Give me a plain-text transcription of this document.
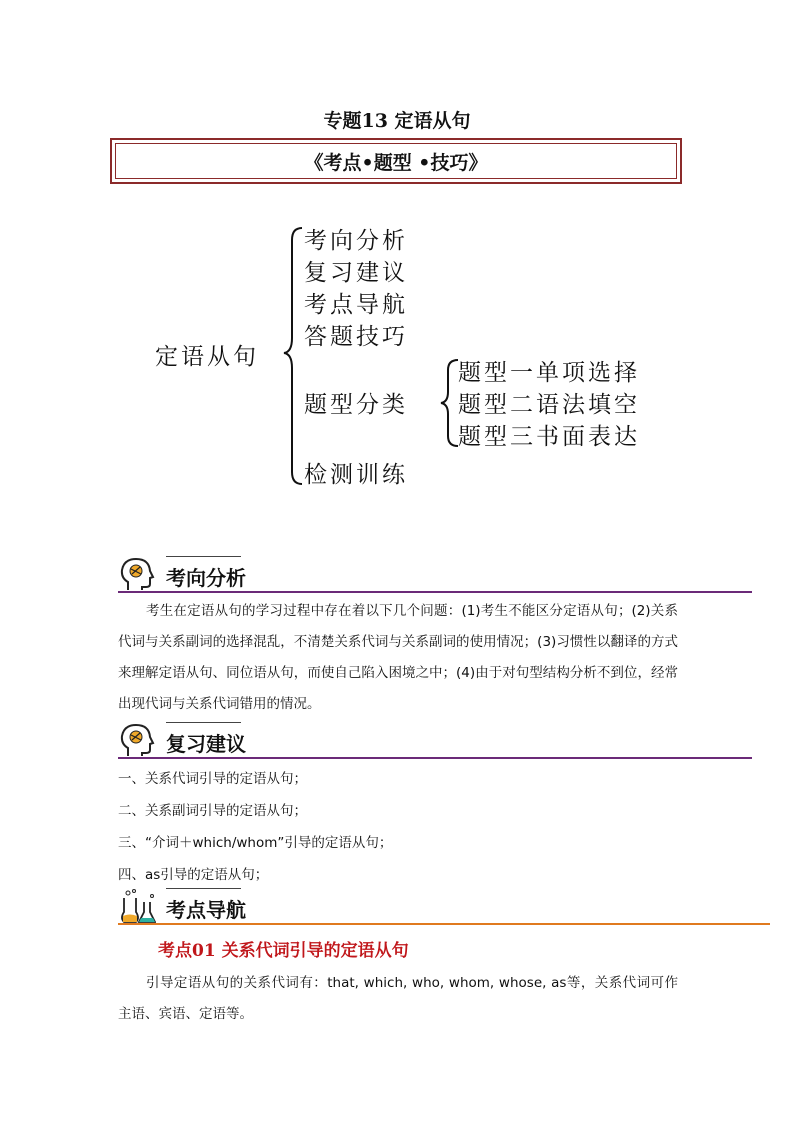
专题13 定语从句
《考点•题型 •技巧》
定语从句
考向分析
复习建议
考点导航
答题技巧
题型分类
检测训练
题型一单项选择
题型二语法填空
题型三书面表达
考向分析
考生在定语从句的学习过程中存在着以下几个问题：(1)考生不能区分定语从句；(2)关系代词与关系副词的选择混乱，不清楚关系代词与关系副词的使用情况；(3)习惯性以翻译的方式来理解定语从句、同位语从句，而使自己陷入困境之中；(4)由于对句型结构分析不到位，经常出现代词与关系代词错用的情况。
复习建议
一、关系代词引导的定语从句；
二、关系副词引导的定语从句；
三、“介词＋which/whom”引导的定语从句；
四、as引导的定语从句；
考点导航
考点01 关系代词引导的定语从句
引导定语从句的关系代词有：that, which, who, whom, whose, as等，关系代词可作主语、宾语、定语等。
